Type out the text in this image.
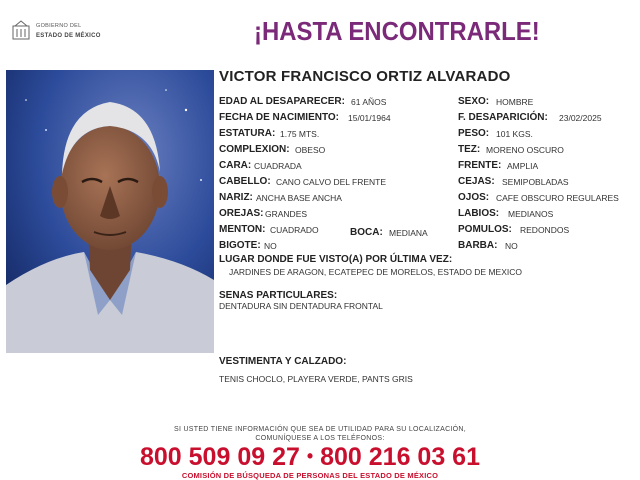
GOBIERNO DEL
ESTADO DE MÉXICO	¡HASTA ENCONTRARLE!
VICTOR FRANCISCO ORTIZ ALVARADO
EDAD AL DESAPARECER: 61 AÑOS
FECHA DE NACIMIENTO: 15/01/1964
ESTATURA: 1.75 MTS.
COMPLEXION: OBESO
CARA: CUADRADA
CABELLO: CANO CALVO DEL FRENTE
NARIZ: ANCHA BASE ANCHA
OREJAS: GRANDES
MENTON: CUADRADO	BOCA: MEDIANA
BIGOTE: NO
SEXO: HOMBRE
F. DESAPARICIÓN: 23/02/2025
PESO: 101 KGS.
TEZ: MORENO OSCURO
FRENTE: AMPLIA
CEJAS: SEMIPOBLADAS
OJOS: CAFE OBSCURO REGULARES
LABIOS: MEDIANOS
POMULOS: REDONDOS
BARBA: NO
LUGAR DONDE FUE VISTO(A) POR ÚLTIMA VEZ:
JARDINES DE ARAGON, ECATEPEC DE MORELOS, ESTADO DE MEXICO
SENAS PARTICULARES:
DENTADURA SIN DENTADURA FRONTAL
VESTIMENTA Y CALZADO:
TENIS CHOCLO, PLAYERA VERDE, PANTS GRIS
SI USTED TIENE INFORMACIÓN QUE SEA DE UTILIDAD PARA SU LOCALIZACIÓN,
COMUNÍQUESE A LOS TELÉFONOS:
800 509 09 27 • 800 216 03 61
COMISIÓN DE BÚSQUEDA DE PERSONAS DEL ESTADO DE MÉXICO
